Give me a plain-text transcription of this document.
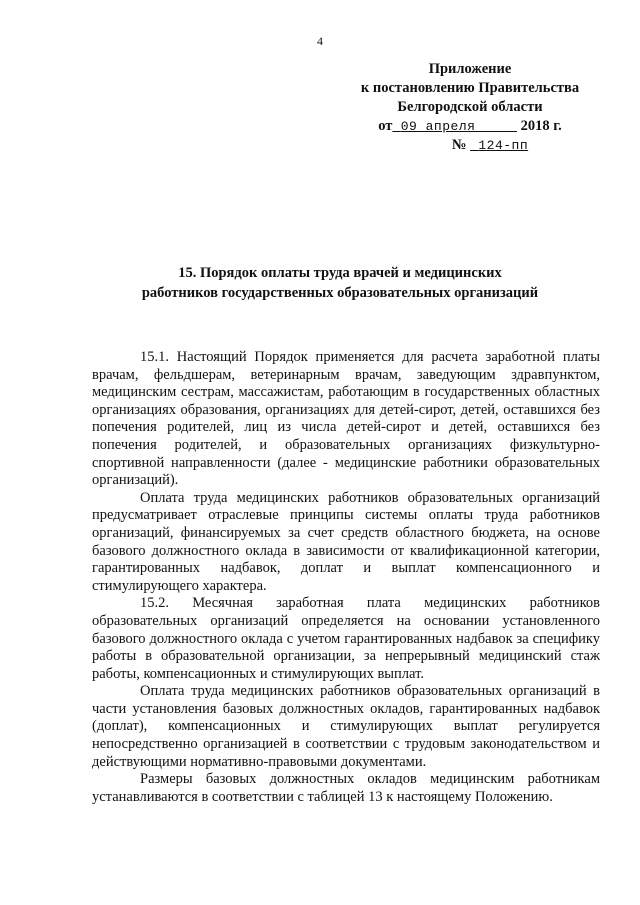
4
Приложение
к постановлению Правительства
Белгородской области
от 09 апреля	2018 г.
№ 124-пп
15. Порядок оплаты труда врачей и медицинских
работников государственных образовательных организаций

15.1. Настоящий Порядок применяется для расчета заработной платы врачам, фельдшерам, ветеринарным врачам, заведующим здравпунктом, медицинским сестрам, массажистам, работающим в государственных областных организациях образования, организациях для детей-сирот, детей, оставшихся без попечения родителей, лиц из числа детей-сирот и детей, оставшихся без попечения родителей, и образовательных организациях физкультурно-спортивной направленности (далее - медицинские работники образовательных организаций).

Оплата труда медицинских работников образовательных организаций предусматривает отраслевые принципы системы оплаты труда работников организаций, финансируемых за счет средств областного бюджета, на основе базового должностного оклада в зависимости от квалификационной категории, гарантированных надбавок, доплат и выплат компенсационного и стимулирующего характера.

15.2. Месячная заработная плата медицинских работников образовательных организаций определяется на основании установленного базового должностного оклада с учетом гарантированных надбавок за специфику работы в образовательной организации, за непрерывный медицинский стаж работы, компенсационных и стимулирующих выплат.

Оплата труда медицинских работников образовательных организаций в части установления базовых должностных окладов, гарантированных надбавок (доплат), компенсационных и стимулирующих выплат регулируется непосредственно организацией в соответствии с трудовым законодательством и действующими нормативно-правовыми документами.

Размеры базовых должностных окладов медицинским работникам устанавливаются в соответствии с таблицей 13 к настоящему Положению.
